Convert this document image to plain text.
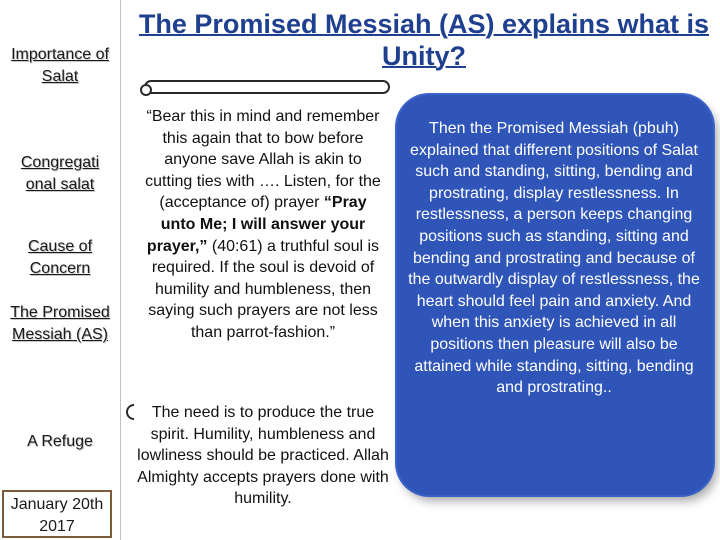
Importance of Salat
Congregati onal salat
Cause of Concern
The Promised Messiah (AS)
A Refuge
January 20th 2017
The Promised Messiah (AS) explains what is Unity?
“Bear this in mind and remember this again that to bow before anyone save Allah is akin to cutting ties with …. Listen, for the (acceptance of) prayer “Pray unto Me; I will answer your prayer,” (40:61) a truthful soul is required. If the soul is devoid of humility and humbleness, then saying such prayers are not less than parrot-fashion.”
The need is to produce the true spirit. Humility, humbleness and lowliness should be practiced. Allah Almighty accepts prayers done with humility.
Then the Promised Messiah (pbuh) explained that different positions of Salat such and standing, sitting, bending and prostrating, display restlessness. In restlessness, a person keeps changing positions such as standing, sitting and bending and prostrating and because of the outwardly display of restlessness, the heart should feel pain and anxiety. And when this anxiety is achieved in all positions then pleasure will also be attained while standing, sitting, bending and prostrating..
